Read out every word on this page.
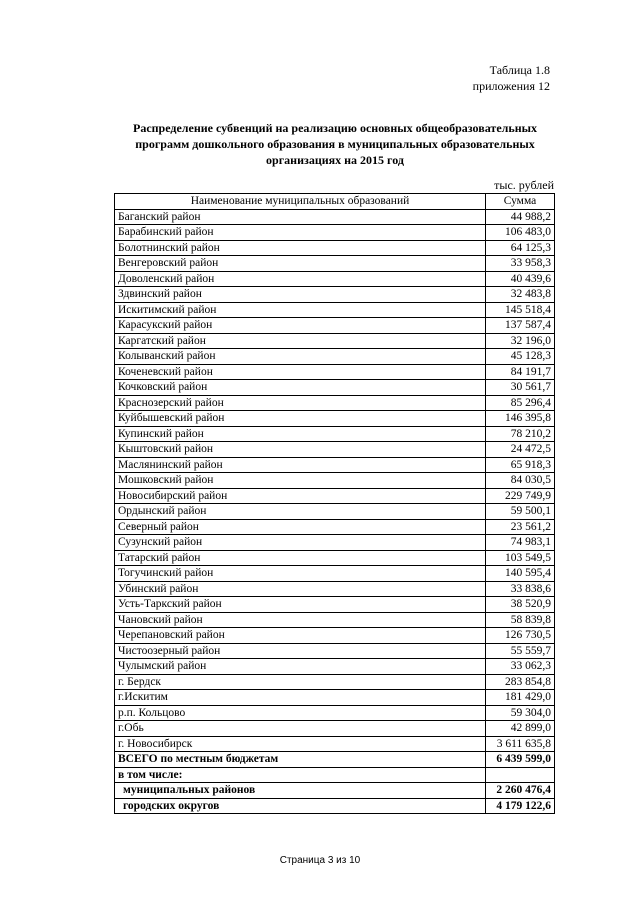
Таблица 1.8
приложения 12
Распределение субвенций на реализацию основных общеобразовательных программ дошкольного образования в муниципальных образовательных организациях на 2015 год
тыс. рублей
Наименование муниципальных образований	Сумма
Баганский район	44 988,2
Барабинский район	106 483,0
Болотнинский район	64 125,3
Венгеровский район	33 958,3
Доволенский район	40 439,6
Здвинский район	32 483,8
Искитимский район	145 518,4
Карасукский район	137 587,4
Каргатский район	32 196,0
Колыванский район	45 128,3
Коченевский район	84 191,7
Кочковский район	30 561,7
Краснозерский район	85 296,4
Куйбышевский район	146 395,8
Купинский район	78 210,2
Кыштовский район	24 472,5
Маслянинский район	65 918,3
Мошковский район	84 030,5
Новосибирский район	229 749,9
Ордынский район	59 500,1
Северный район	23 561,2
Сузунский район	74 983,1
Татарский район	103 549,5
Тогучинский район	140 595,4
Убинский район	33 838,6
Усть-Таркский район	38 520,9
Чановский район	58 839,8
Черепановский район	126 730,5
Чистоозерный район	55 559,7
Чулымский район	33 062,3
г. Бердск	283 854,8
г.Искитим	181 429,0
р.п. Кольцово	59 304,0
г.Обь	42 899,0
г. Новосибирск	3 611 635,8
ВСЕГО по местным бюджетам	6 439 599,0
в том числе:	
муниципальных районов	2 260 476,4
городских округов	4 179 122,6
Страница 3 из 10
